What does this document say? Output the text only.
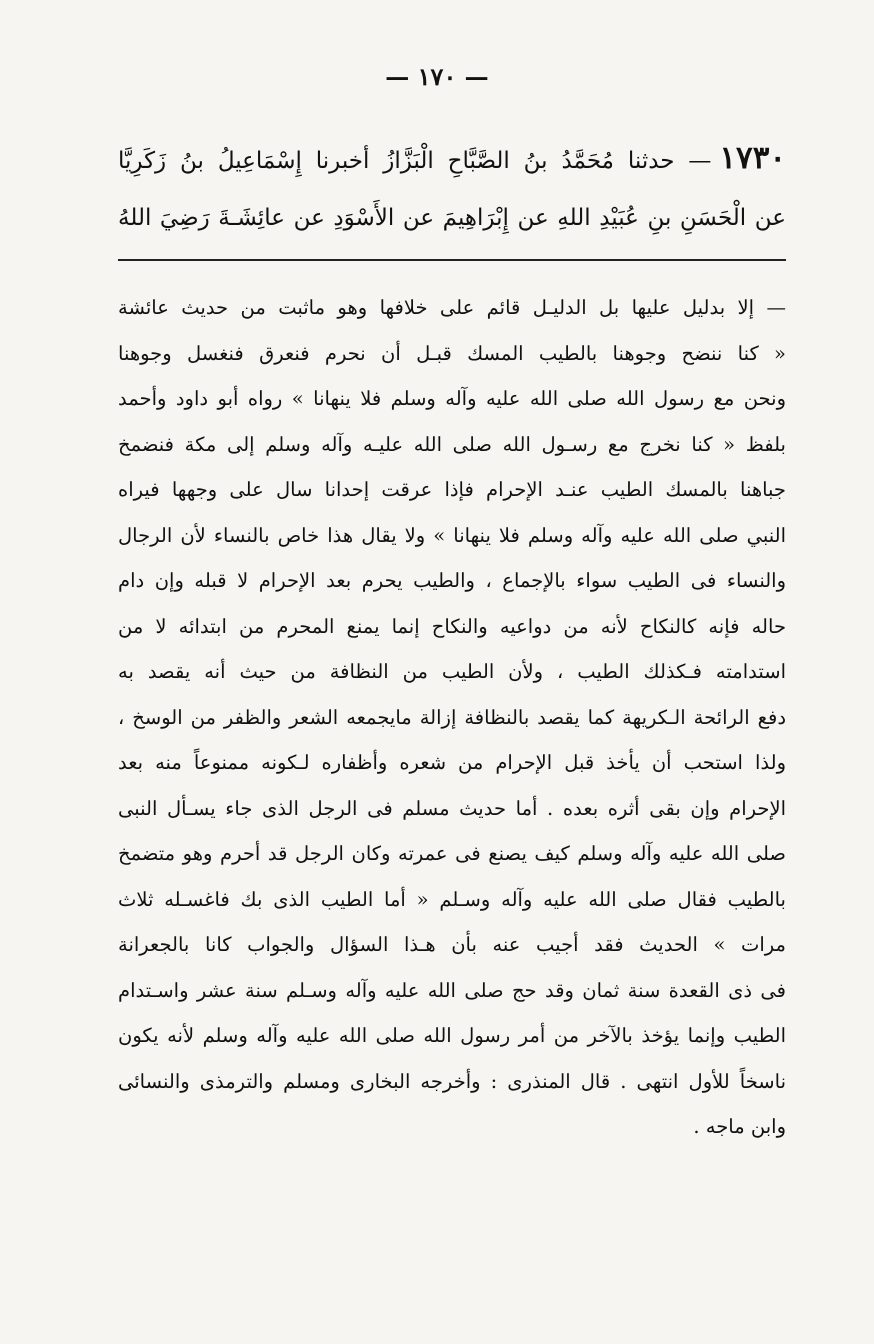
— ١٧٠ —
١٧٣٠— حدثنا مُحَمَّدُ بنُ الصَّبَّاحِ الْبَزَّازُ أخبرنا إِسْمَاعِيلُ بنُ زَكَرِيَّا
عن الْحَسَنِ بنِ عُبَيْدِ اللهِ عن إِبْرَاهِيمَ عن الأَسْوَدِ عن عائِشَـةَ رَضِيَ اللهُ
— إلا بدليل عليها بل الدليـل قائم على خلافها وهو ماثبت من حديث عائشة
« كنا ننضح وجوهنا بالطيب المسك قبـل أن نحرم فنعرق فنغسل وجوهنا
ونحن مع رسول الله صلى الله عليه وآله وسلم فلا ينهانا » رواه أبو داود وأحمد
بلفظ « كنا نخرج مع رسـول الله صلى الله عليـه وآله وسلم إلى مكة فنضمخ
جباهنا بالمسك الطيب عنـد الإحرام فإذا عرقت إحدانا سال على وجهها فيراه
النبي صلى الله عليه وآله وسلم فلا ينهانا » ولا يقال هذا خاص بالنساء لأن الرجال
والنساء فى الطيب سواء بالإجماع ، والطيب يحرم بعد الإحرام لا قبله وإن دام
حاله فإنه كالنكاح لأنه من دواعيه والنكاح إنما يمنع المحرم من ابتدائه لا من
استدامته فـكذلك الطيب ، ولأن الطيب من النظافة من حيث أنه يقصد به
دفع الرائحة الـكريهة كما يقصد بالنظافة إزالة مايجمعه الشعر والظفر من الوسخ ،
ولذا استحب أن يأخذ قبل الإحرام من شعره وأظفاره لـكونه ممنوعاً منه بعد
الإحرام وإن بقى أثره بعده . أما حديث مسلم فى الرجل الذى جاء يسـأل النبى
صلى الله عليه وآله وسلم كيف يصنع فى عمرته وكان الرجل قد أحرم وهو متضمخ
بالطيب فقال صلى الله عليه وآله وسـلم « أما الطيب الذى بك فاغسـله ثلاث
مرات » الحديث فقد أجيب عنه بأن هـذا السؤال والجواب كانا بالجعرانة
فى ذى القعدة سنة ثمان وقد حج صلى الله عليه وآله وسـلم سنة عشر واسـتدام
الطيب وإنما يؤخذ بالآخر من أمر رسول الله صلى الله عليه وآله وسلم لأنه يكون
ناسخاً للأول انتهى . قال المنذرى : وأخرجه البخارى ومسلم والترمذى والنسائى
وابن ماجه .
